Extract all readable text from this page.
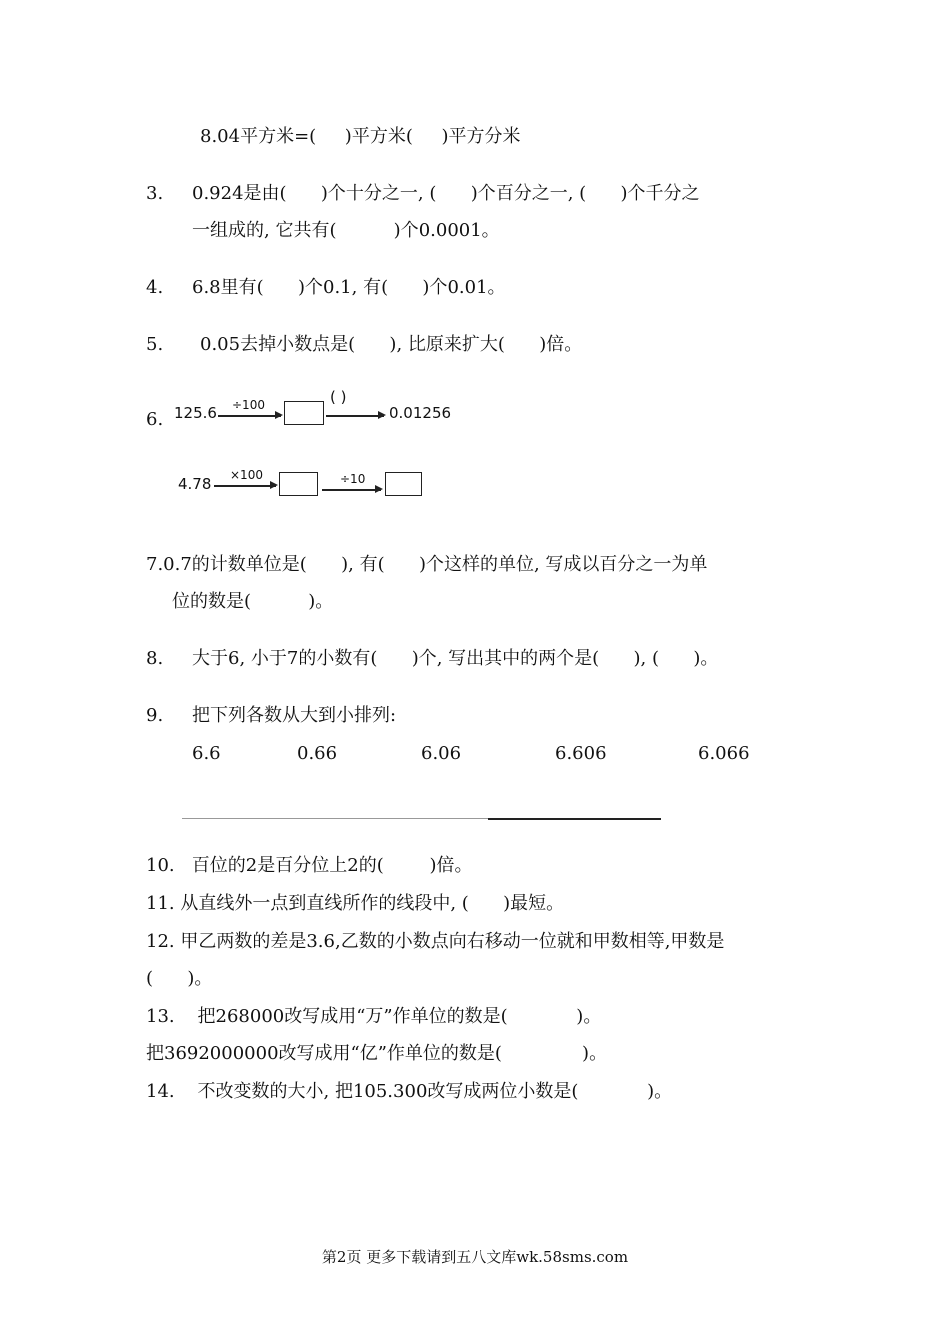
8.04平方米=(     )平方米(     )平方分米
3. 0.924是由(      )个十分之一, (      )个百分之一, (      )个千分之
一组成的, 它共有(          )个0.0001。
4. 6.8里有(      )个0.1, 有(      )个0.01。
5. 0.05去掉小数点是(      ), 比原来扩大(      )倍。
6. 125.6 ÷100	( )
0.01256
4.78 ×100	÷10
7.0.7的计数单位是(      ), 有(      )个这样的单位, 写成以百分之一为单
位的数是(          )。
8. 大于6, 小于7的小数有(      )个, 写出其中的两个是(      ), (      )。
9. 把下列各数从大到小排列:
6.6	0.66	6.06	6.606	6.066
10.   百位的2是百分位上2的(        )倍。
11. 从直线外一点到直线所作的线段中, (      )最短。
12. 甲乙两数的差是3.6,乙数的小数点向右移动一位就和甲数相等,甲数是
(      )。
13.    把268000改写成用“万”作单位的数是(            )。
把3692000000改写成用“亿”作单位的数是(              )。
14.    不改变数的大小, 把105.300改写成两位小数是(            )。
第2页 更多下载请到五八文库wk.58sms.com
